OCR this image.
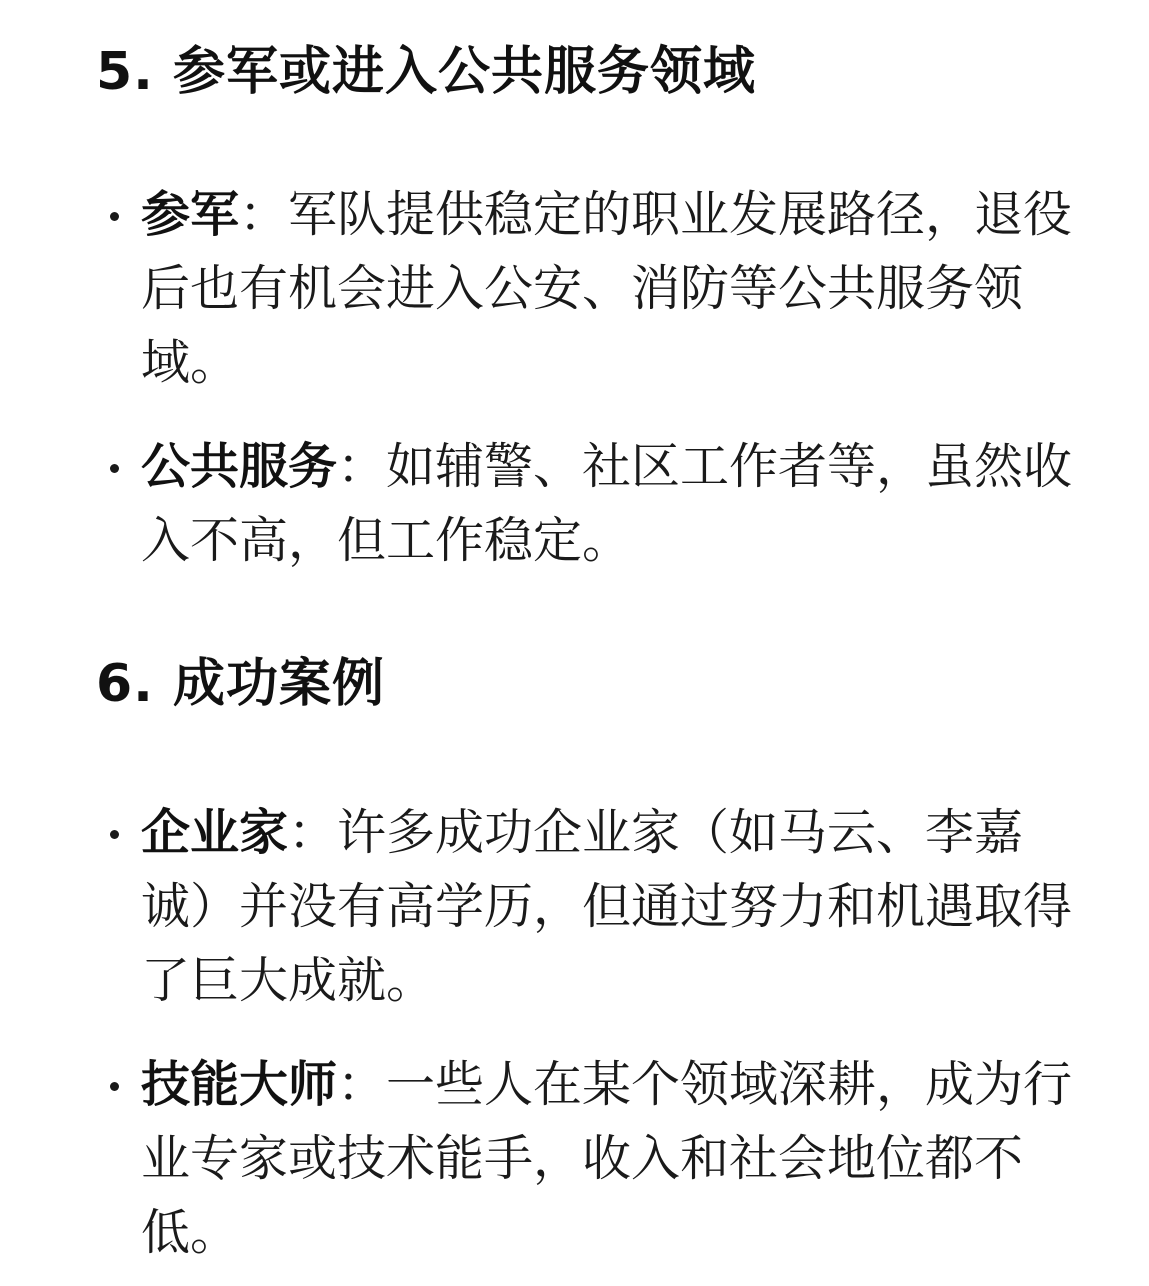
5. 参军或进入公共服务领域
参军：军队提供稳定的职业发展路径，退役后也有机会进入公安、消防等公共服务领域。
公共服务：如辅警、社区工作者等，虽然收入不高，但工作稳定。
6. 成功案例
企业家：许多成功企业家（如马云、李嘉诚）并没有高学历，但通过努力和机遇取得了巨大成就。
技能大师：一些人在某个领域深耕，成为行业专家或技术能手，收入和社会地位都不低。
